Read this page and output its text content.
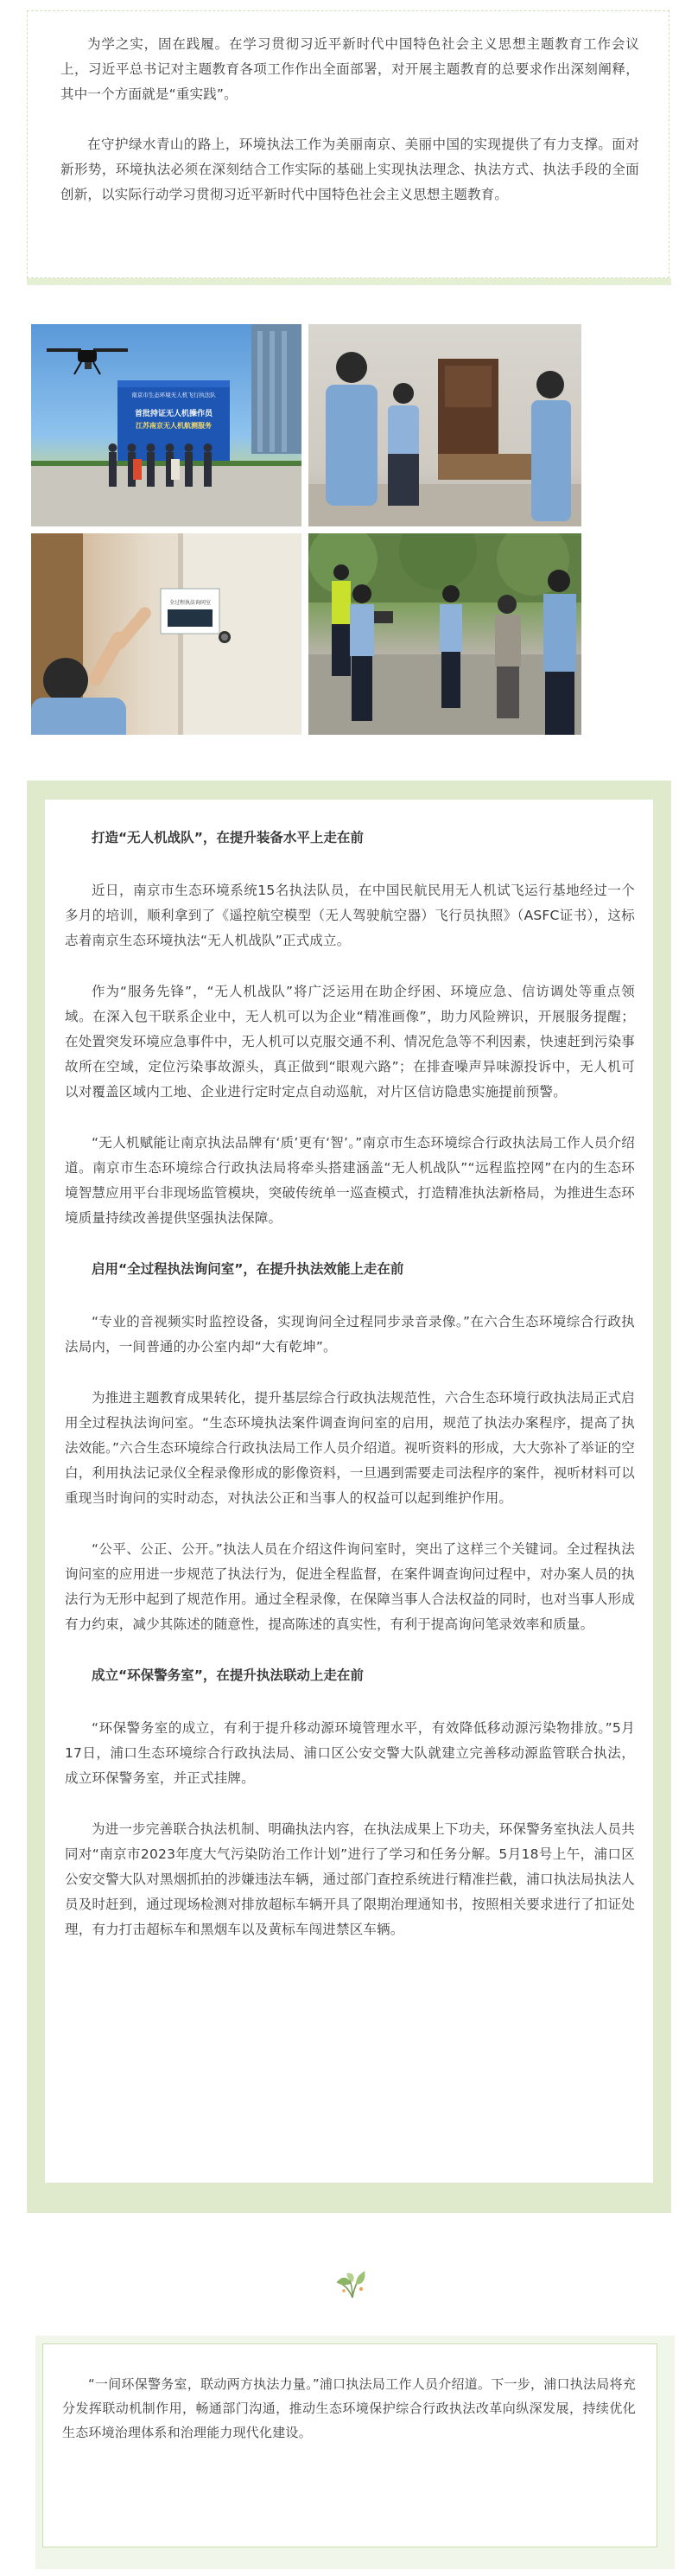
为学之实，固在践履。在学习贯彻习近平新时代中国特色社会主义思想主题教育工作会议上，习近平总书记对主题教育各项工作作出全面部署，对开展主题教育的总要求作出深刻阐释，其中一个方面就是“重实践”。

在守护绿水青山的路上，环境执法工作为美丽南京、美丽中国的实现提供了有力支撑。面对新形势，环境执法必须在深刻结合工作实际的基础上实现执法理念、执法方式、执法手段的全面创新，以实际行动学习贯彻习近平新时代中国特色社会主义思想主题教育。

南京市生态环境无人机飞行执法队
首批持证无人机操作员
江苏南京无人机航测服务
全过程执法询问室

打造“无人机战队”，在提升装备水平上走在前

近日，南京市生态环境系统15名执法队员，在中国民航民用无人机试飞运行基地经过一个多月的培训，顺利拿到了《遥控航空模型（无人驾驶航空器）飞行员执照》（ASFC证书），这标志着南京生态环境执法“无人机战队”正式成立。

作为“服务先锋”，“无人机战队”将广泛运用在助企纾困、环境应急、信访调处等重点领域。在深入包干联系企业中，无人机可以为企业“精准画像”，助力风险辨识，开展服务提醒；在处置突发环境应急事件中，无人机可以克服交通不利、情况危急等不利因素，快速赶到污染事故所在空域，定位污染事故源头，真正做到“眼观六路”；在排查噪声异味源投诉中，无人机可以对覆盖区域内工地、企业进行定时定点自动巡航，对片区信访隐患实施提前预警。

“无人机赋能让南京执法品牌有‘质’更有‘智’。”南京市生态环境综合行政执法局工作人员介绍道。南京市生态环境综合行政执法局将牵头搭建涵盖“无人机战队”“远程监控网”在内的生态环境智慧应用平台非现场监管模块，突破传统单一巡查模式，打造精准执法新格局，为推进生态环境质量持续改善提供坚强执法保障。

启用“全过程执法询问室”，在提升执法效能上走在前

“专业的音视频实时监控设备，实现询问全过程同步录音录像。”在六合生态环境综合行政执法局内，一间普通的办公室内却“大有乾坤”。

为推进主题教育成果转化，提升基层综合行政执法规范性，六合生态环境行政执法局正式启用全过程执法询问室。“生态环境执法案件调查询问室的启用，规范了执法办案程序，提高了执法效能。”六合生态环境综合行政执法局工作人员介绍道。视听资料的形成，大大弥补了举证的空白，利用执法记录仪全程录像形成的影像资料，一旦遇到需要走司法程序的案件，视听材料可以重现当时询问的实时动态，对执法公正和当事人的权益可以起到维护作用。

“公平、公正、公开。”执法人员在介绍这件询问室时，突出了这样三个关键词。全过程执法询问室的应用进一步规范了执法行为，促进全程监督，在案件调查询问过程中，对办案人员的执法行为无形中起到了规范作用。通过全程录像，在保障当事人合法权益的同时，也对当事人形成有力约束，减少其陈述的随意性，提高陈述的真实性，有利于提高询问笔录效率和质量。

成立“环保警务室”，在提升执法联动上走在前

“环保警务室的成立，有利于提升移动源环境管理水平，有效降低移动源污染物排放。”5月17日，浦口生态环境综合行政执法局、浦口区公安交警大队就建立完善移动源监管联合执法，成立环保警务室，并正式挂牌。

为进一步完善联合执法机制、明确执法内容，在执法成果上下功夫，环保警务室执法人员共同对“南京市2023年度大气污染防治工作计划”进行了学习和任务分解。5月18号上午，浦口区公安交警大队对黑烟抓拍的涉嫌违法车辆，通过部门查控系统进行精准拦截，浦口执法局执法人员及时赶到，通过现场检测对排放超标车辆开具了限期治理通知书，按照相关要求进行了扣证处理，有力打击超标车和黑烟车以及黄标车闯进禁区车辆。

“一间环保警务室，联动两方执法力量。”浦口执法局工作人员介绍道。下一步，浦口执法局将充分发挥联动机制作用，畅通部门沟通，推动生态环境保护综合行政执法改革向纵深发展，持续优化生态环境治理体系和治理能力现代化建设。
